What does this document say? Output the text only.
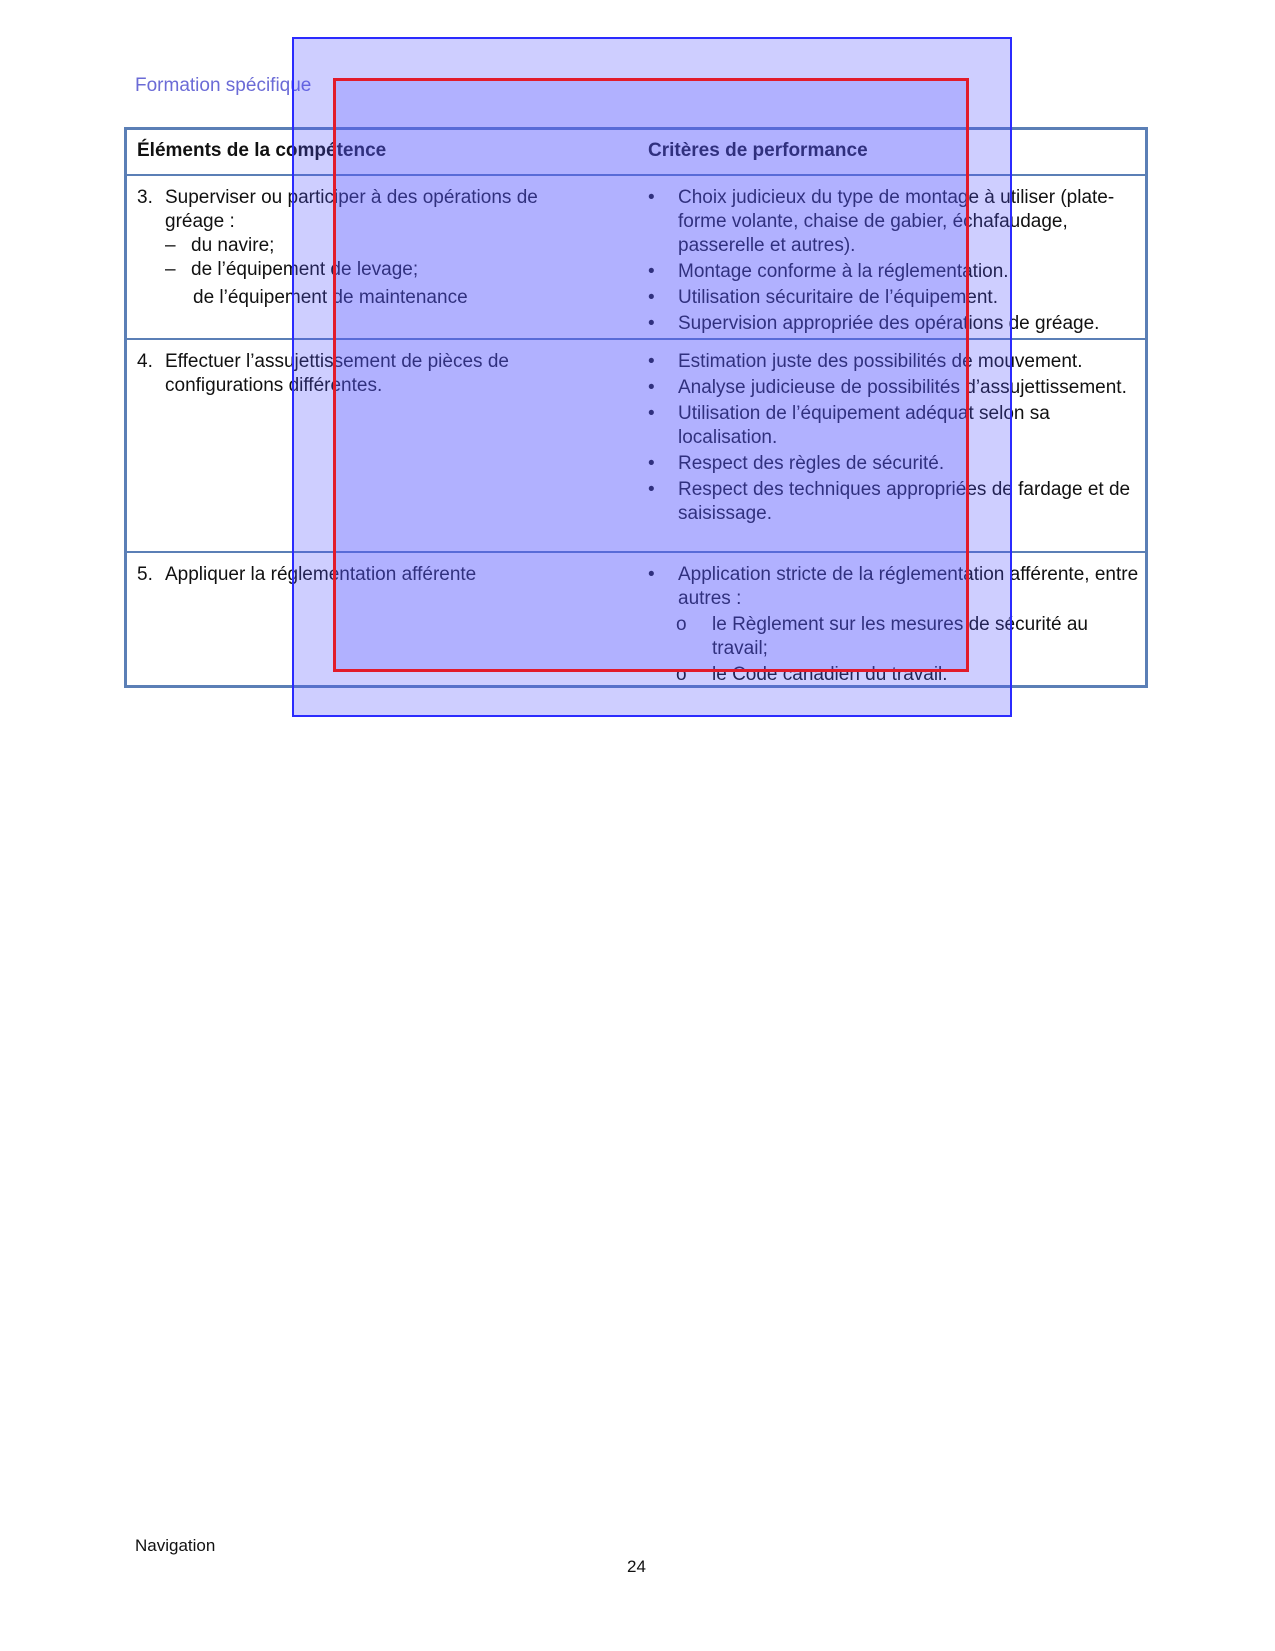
Formation spécifique
Éléments de la compétence	Critères de performance
3. Superviser ou participer à des opérations de
gréage :
– du navire;
– de l’équipement de levage;
de l’équipement de maintenance
• Choix judicieux du type de montage à utiliser (plate-forme volante, chaise de gabier, échafaudage, passerelle et autres).
• Montage conforme à la réglementation.
• Utilisation sécuritaire de l’équipement.
• Supervision appropriée des opérations de gréage.
4. Effectuer l’assujettissement de pièces de
configurations différentes.
• Estimation juste des possibilités de mouvement.
• Analyse judicieuse de possibilités d’assujettissement.
• Utilisation de l’équipement adéquat selon sa localisation.
• Respect des règles de sécurité.
• Respect des techniques appropriées de fardage et de saisissage.
5. Appliquer la réglementation afférente	• Application stricte de la réglementation afférente, entre autres :
o le Règlement sur les mesures de sécurité au travail;
o le Code canadien du travail.
Navigation
24
